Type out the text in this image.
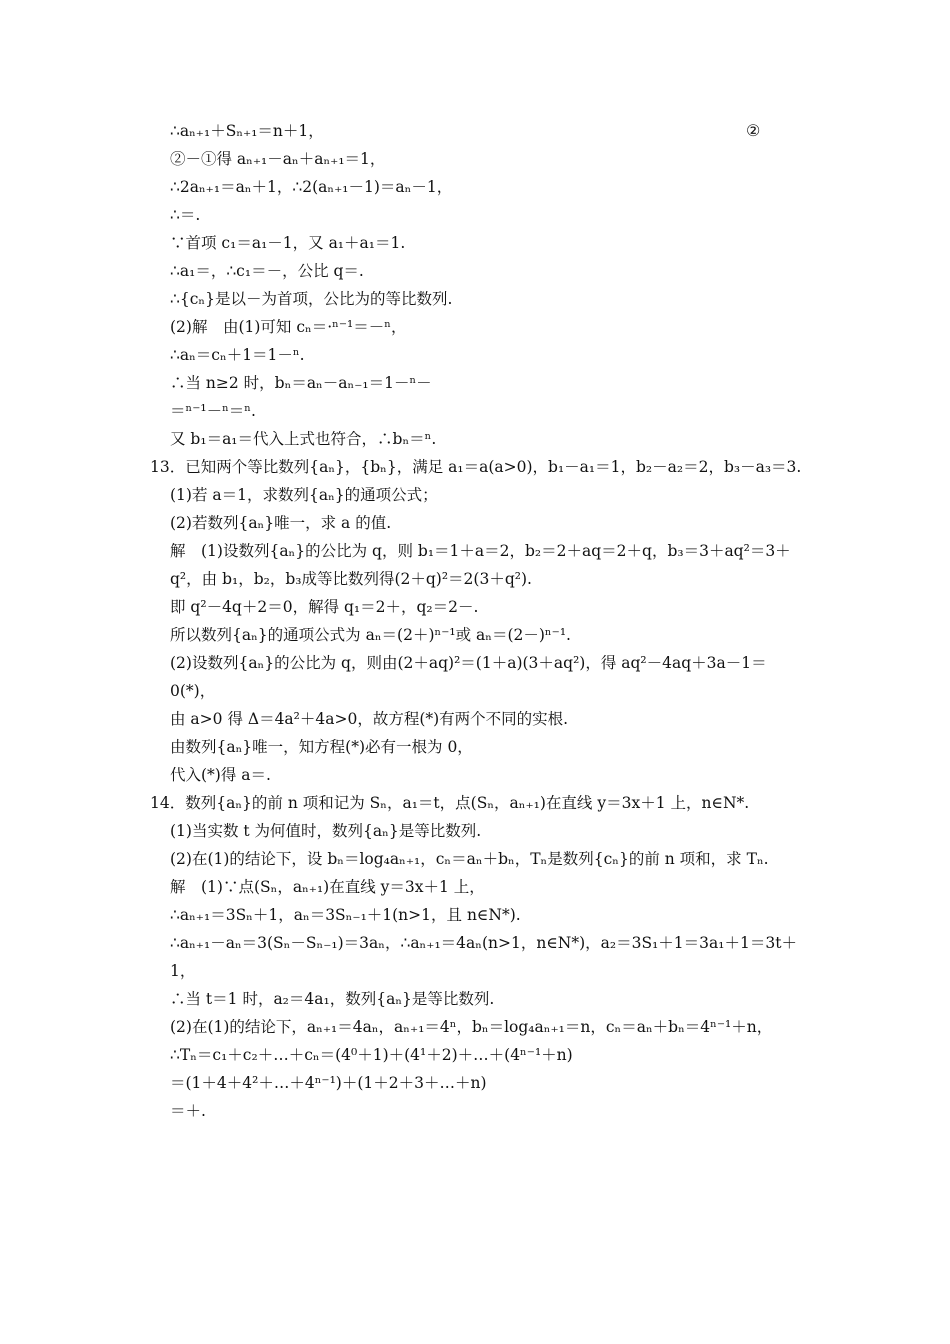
∴aₙ₊₁＋Sₙ₊₁＝n＋1，	②
②－①得 aₙ₊₁－aₙ＋aₙ₊₁＝1，
∴2aₙ₊₁＝aₙ＋1，∴2(aₙ₊₁－1)＝aₙ－1，
∴＝.
∵首项 c₁＝a₁－1，又 a₁＋a₁＝1.
∴a₁＝，∴c₁＝－，公比 q＝.
∴{cₙ}是以－为首项，公比为的等比数列.
(2)解　由(1)可知 cₙ＝·ⁿ⁻¹＝－ⁿ，
∴aₙ＝cₙ＋1＝1－ⁿ.
∴当 n≥2 时，bₙ＝aₙ－aₙ₋₁＝1－ⁿ－
＝ⁿ⁻¹－ⁿ＝ⁿ.
又 b₁＝a₁＝代入上式也符合，∴bₙ＝ⁿ.
13．已知两个等比数列{aₙ}，{bₙ}，满足 a₁＝a(a>0)，b₁－a₁＝1，b₂－a₂＝2，b₃－a₃＝3.
(1)若 a＝1，求数列{aₙ}的通项公式；
(2)若数列{aₙ}唯一，求 a 的值.
解　(1)设数列{aₙ}的公比为 q，则 b₁＝1＋a＝2，b₂＝2＋aq＝2＋q，b₃＝3＋aq²＝3＋
q²，由 b₁，b₂，b₃成等比数列得(2＋q)²＝2(3＋q²).
即 q²－4q＋2＝0，解得 q₁＝2＋，q₂＝2－.
所以数列{aₙ}的通项公式为 aₙ＝(2＋)ⁿ⁻¹或 aₙ＝(2－)ⁿ⁻¹.
(2)设数列{aₙ}的公比为 q，则由(2＋aq)²＝(1＋a)(3＋aq²)，得 aq²－4aq＋3a－1＝
0(*)，
由 a>0 得 Δ＝4a²＋4a>0，故方程(*)有两个不同的实根.
由数列{aₙ}唯一，知方程(*)必有一根为 0，
代入(*)得 a＝.
14．数列{aₙ}的前 n 项和记为 Sₙ，a₁＝t，点(Sₙ，aₙ₊₁)在直线 y＝3x＋1 上，n∈N*.
(1)当实数 t 为何值时，数列{aₙ}是等比数列.
(2)在(1)的结论下，设 bₙ＝log₄aₙ₊₁，cₙ＝aₙ＋bₙ，Tₙ是数列{cₙ}的前 n 项和，求 Tₙ.
解　(1)∵点(Sₙ，aₙ₊₁)在直线 y＝3x＋1 上，
∴aₙ₊₁＝3Sₙ＋1，aₙ＝3Sₙ₋₁＋1(n>1，且 n∈N*).
∴aₙ₊₁－aₙ＝3(Sₙ－Sₙ₋₁)＝3aₙ，∴aₙ₊₁＝4aₙ(n>1，n∈N*)，a₂＝3S₁＋1＝3a₁＋1＝3t＋
1，
∴当 t＝1 时，a₂＝4a₁，数列{aₙ}是等比数列.
(2)在(1)的结论下，aₙ₊₁＝4aₙ，aₙ₊₁＝4ⁿ，bₙ＝log₄aₙ₊₁＝n，cₙ＝aₙ＋bₙ＝4ⁿ⁻¹＋n，
∴Tₙ＝c₁＋c₂＋…＋cₙ＝(4⁰＋1)＋(4¹＋2)＋…＋(4ⁿ⁻¹＋n)
＝(1＋4＋4²＋…＋4ⁿ⁻¹)＋(1＋2＋3＋…＋n)
＝＋.
